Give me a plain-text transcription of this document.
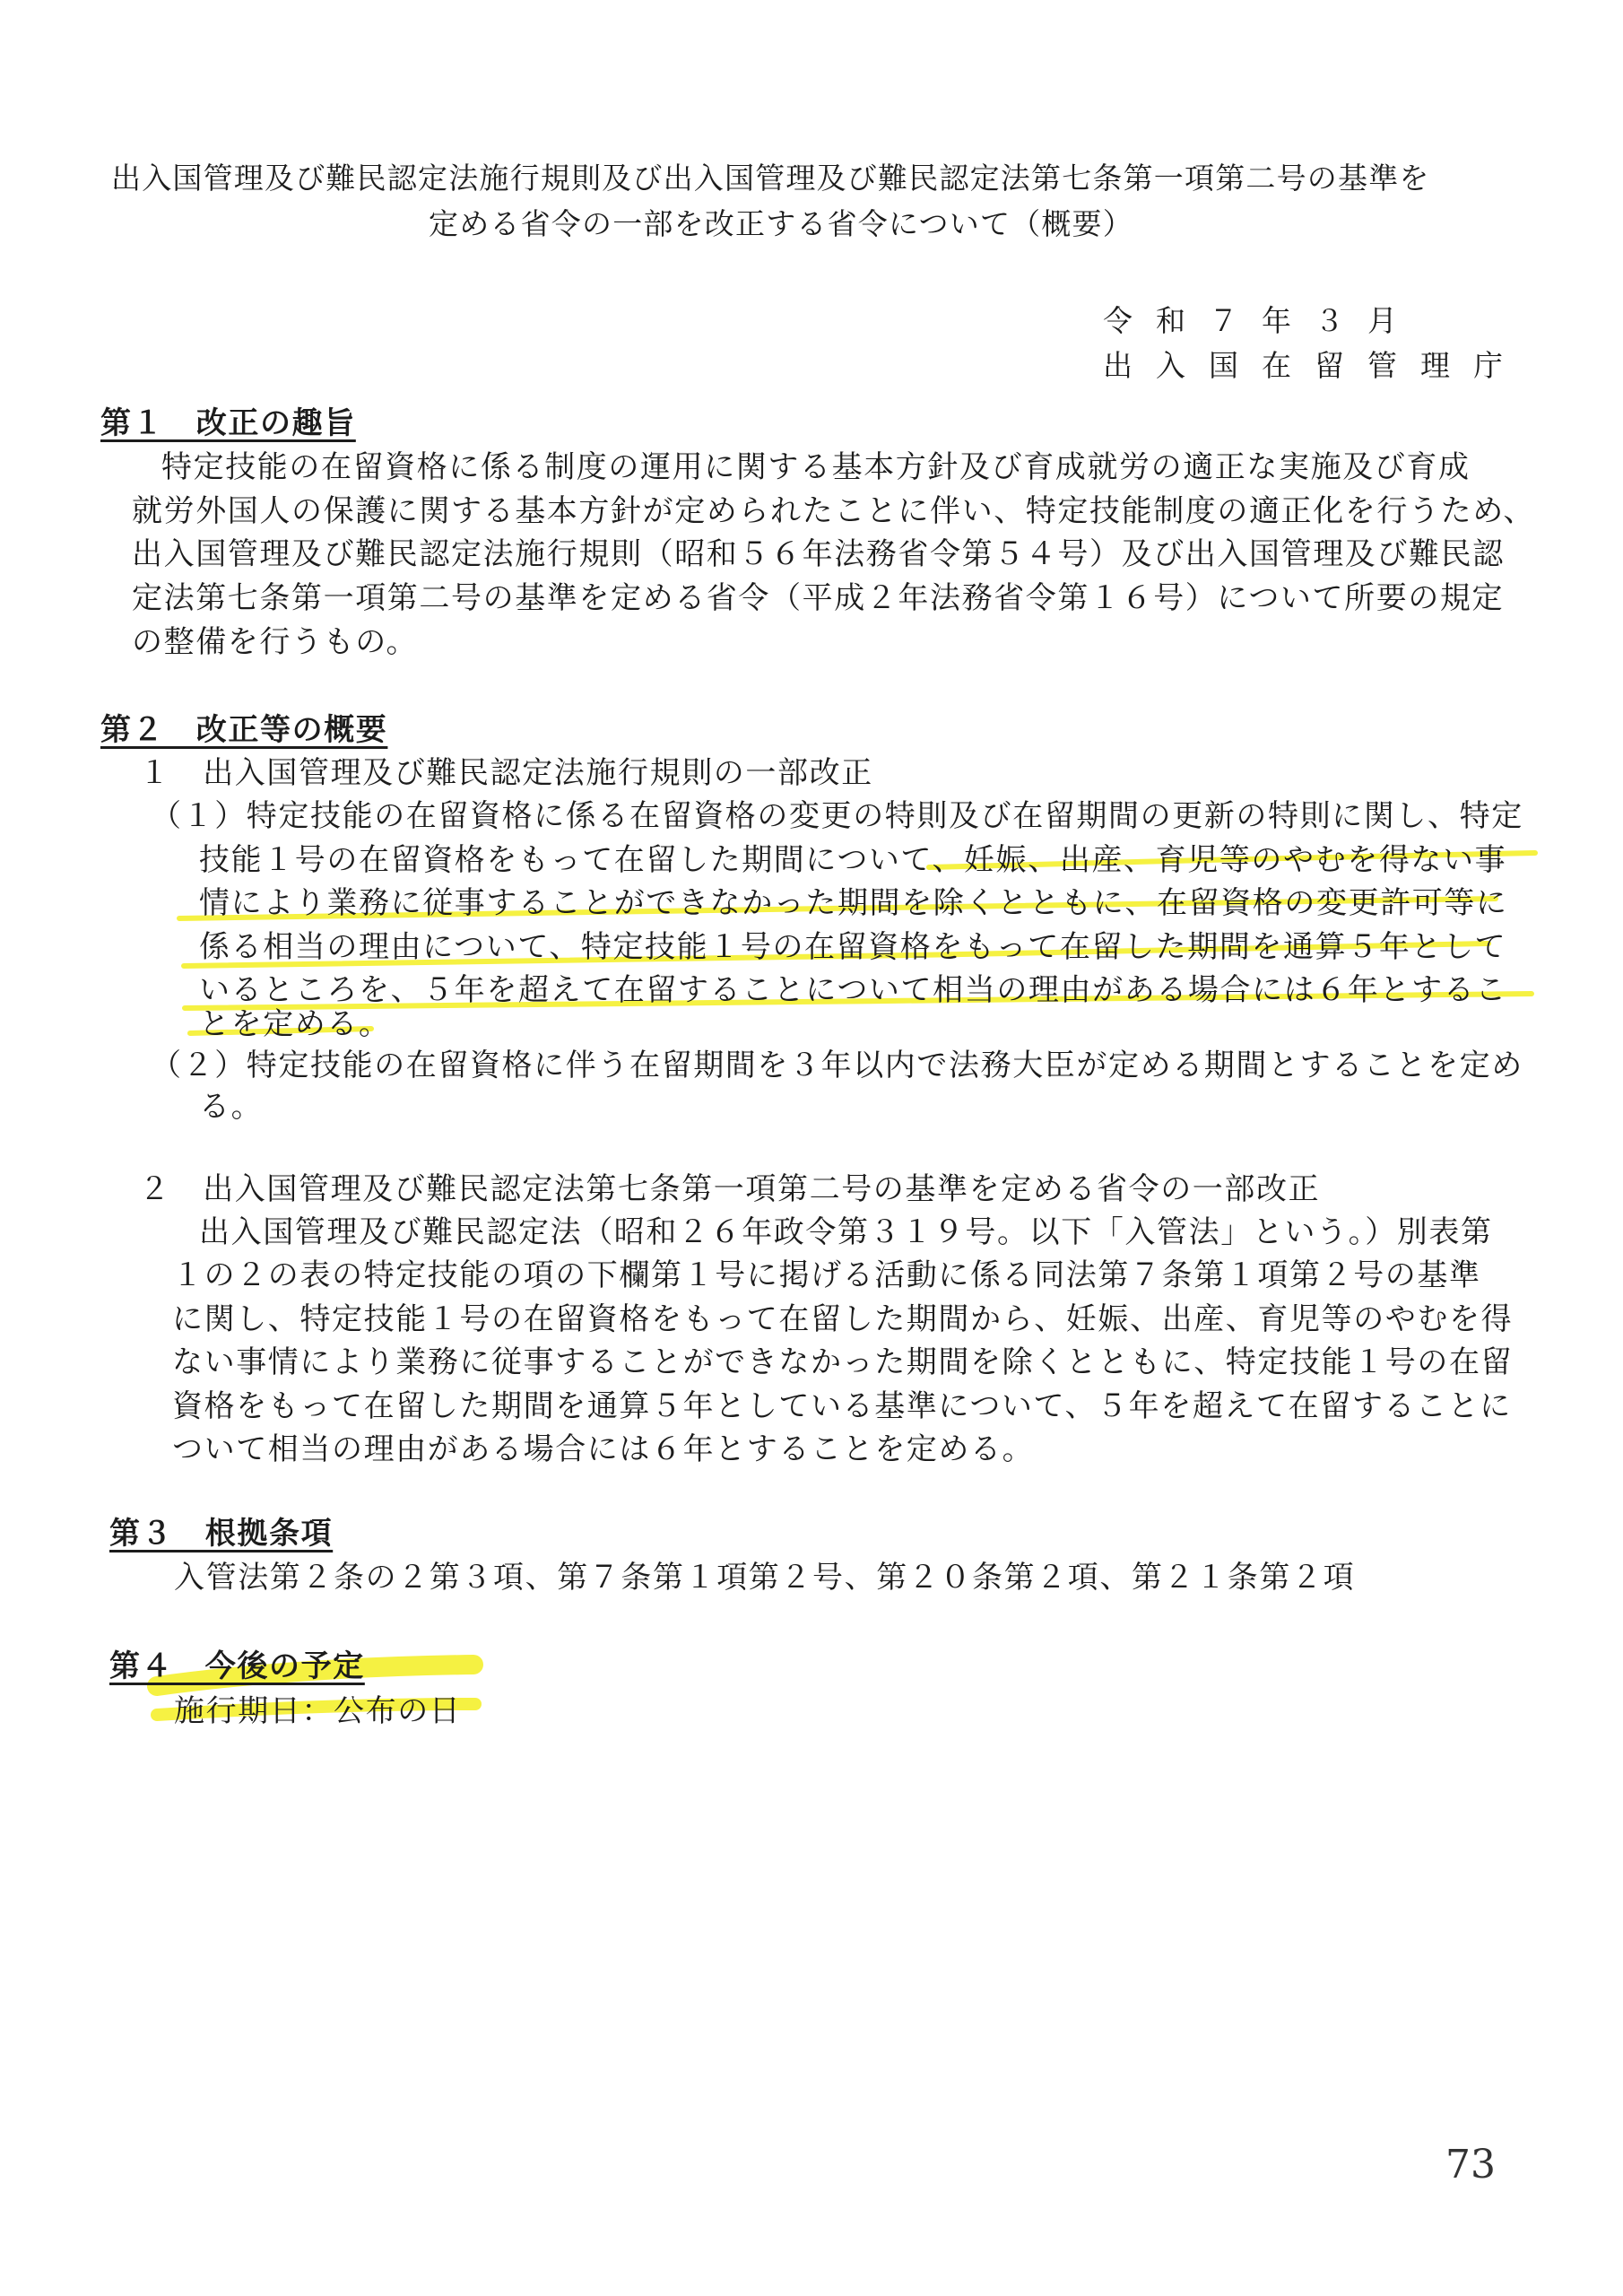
出入国管理及び難民認定法施行規則及び出入国管理及び難民認定法第七条第一項第二号の基準を
定める省令の一部を改正する省令について（概要）
令和７年３月
出入国在留管理庁
第１　改正の趣旨
特定技能の在留資格に係る制度の運用に関する基本方針及び育成就労の適正な実施及び育成
就労外国人の保護に関する基本方針が定められたことに伴い、特定技能制度の適正化を行うため、
出入国管理及び難民認定法施行規則（昭和５６年法務省令第５４号）及び出入国管理及び難民認
定法第七条第一項第二号の基準を定める省令（平成２年法務省令第１６号）について所要の規定
の整備を行うもの。
第２　改正等の概要
１　出入国管理及び難民認定法施行規則の一部改正
（１）特定技能の在留資格に係る在留資格の変更の特則及び在留期間の更新の特則に関し、特定
技能１号の在留資格をもって在留した期間について、妊娠、出産、育児等のやむを得ない事
情により業務に従事することができなかった期間を除くとともに、在留資格の変更許可等に
係る相当の理由について、特定技能１号の在留資格をもって在留した期間を通算５年として
いるところを、５年を超えて在留することについて相当の理由がある場合には６年とするこ
とを定める。
（２）特定技能の在留資格に伴う在留期間を３年以内で法務大臣が定める期間とすることを定め
る。
２　出入国管理及び難民認定法第七条第一項第二号の基準を定める省令の一部改正
出入国管理及び難民認定法（昭和２６年政令第３１９号。以下「入管法」という。）別表第
１の２の表の特定技能の項の下欄第１号に掲げる活動に係る同法第７条第１項第２号の基準
に関し、特定技能１号の在留資格をもって在留した期間から、妊娠、出産、育児等のやむを得
ない事情により業務に従事することができなかった期間を除くとともに、特定技能１号の在留
資格をもって在留した期間を通算５年としている基準について、５年を超えて在留することに
ついて相当の理由がある場合には６年とすることを定める。
第３　根拠条項
入管法第２条の２第３項、第７条第１項第２号、第２０条第２項、第２１条第２項
第４　今後の予定
施行期日：公布の日
73
